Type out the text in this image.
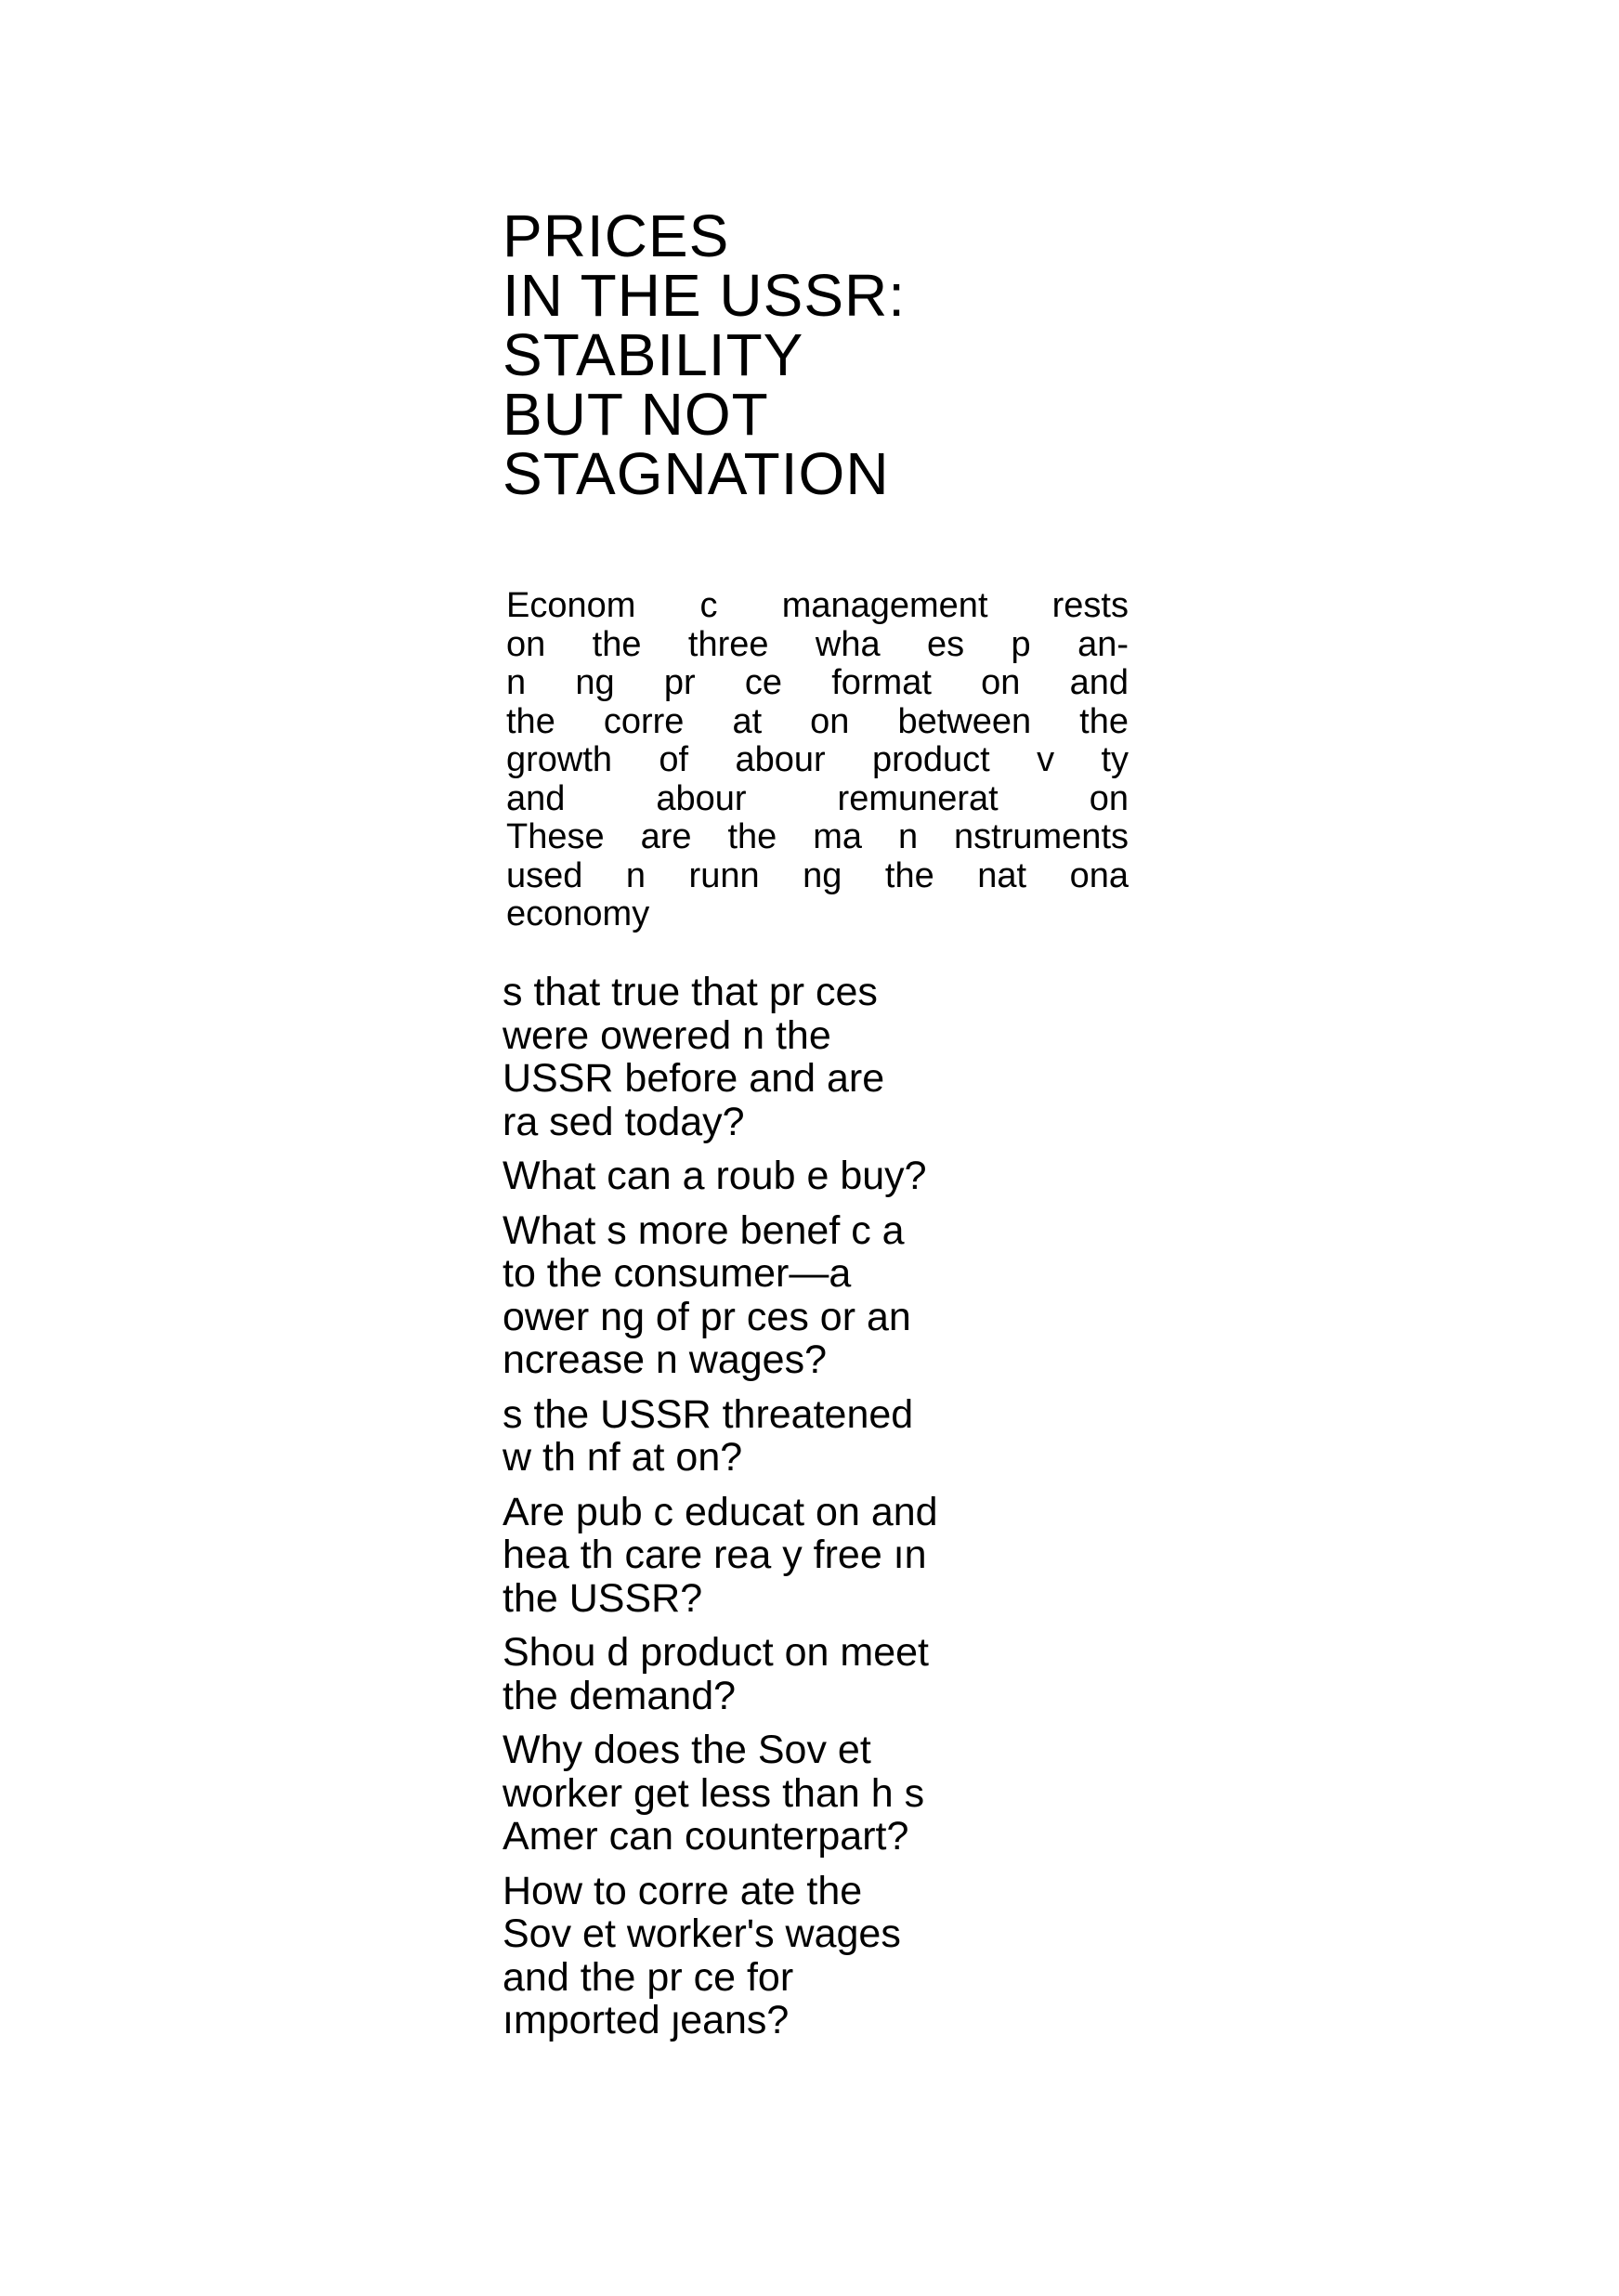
PRICES
IN THE USSR:
STABILITY
BUT NOT
STAGNATION
Econom c management rests
on the three wha es p an-
n ng pr ce format on and
the corre at on between the
growth of abour product v ty
and abour remunerat on
These are the ma n nstruments
used n runn ng the nat ona
economy

s that true that pr ces
were owered n the
USSR before and are
ra sed today?

What can a roub e buy?

What s more benef c a
to the consumer—a
ower ng of pr ces or an
ncrease n wages?

s the USSR threatened
w th nf at on?

Are pub c educat on and
hea th care rea y free ın
the USSR?

Shou d product on meet
the demand?

Why does the Sov et
worker get less than h s
Amer can counterpart?

How to corre ate the
Sov et worker's wages
and the pr ce for
ımported ȷeans?
